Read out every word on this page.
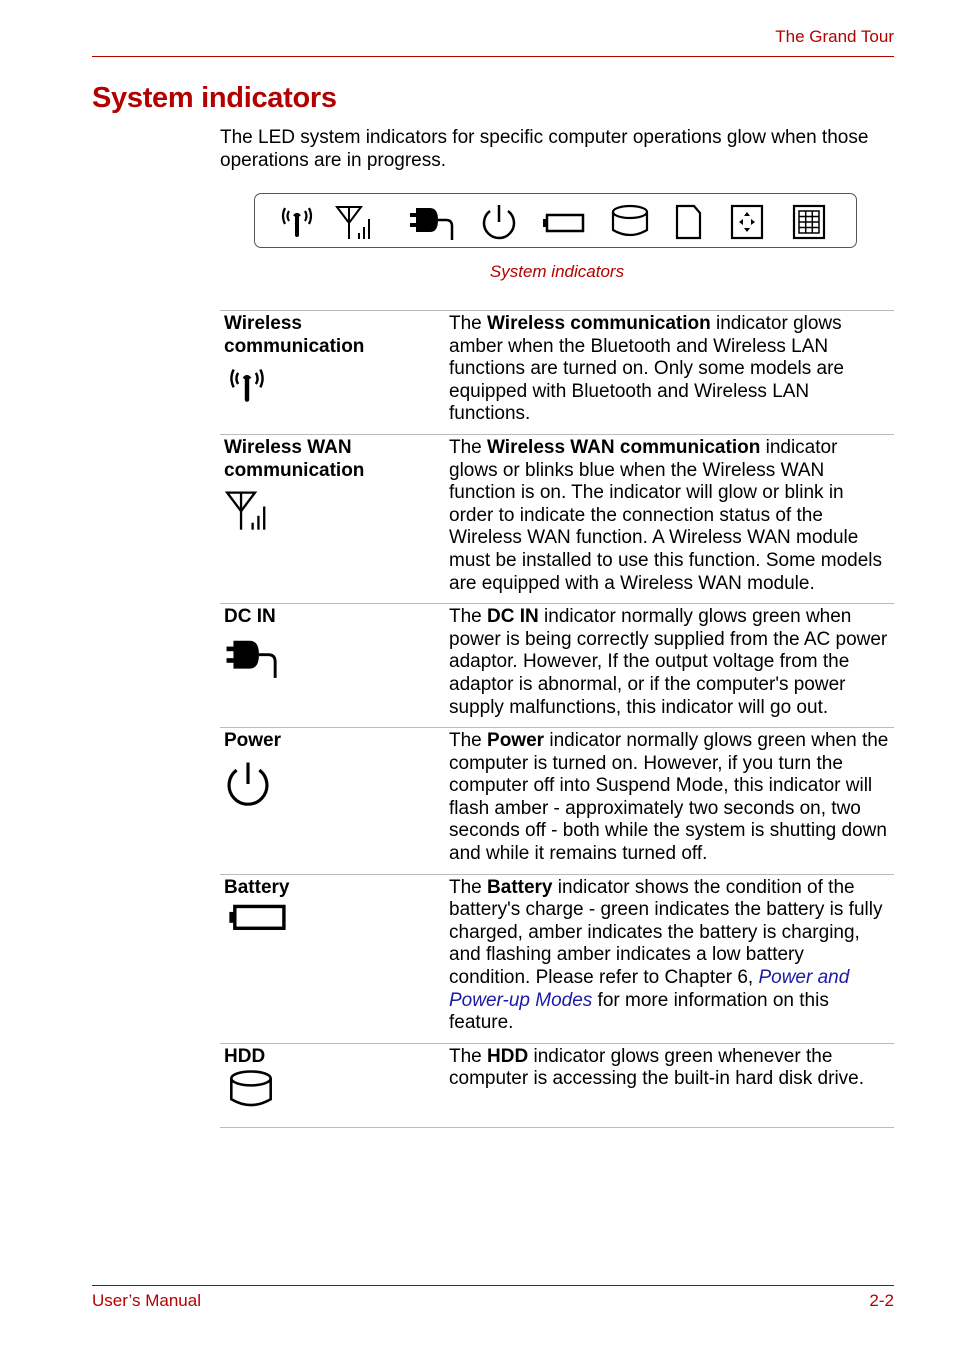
The Grand Tour
System indicators
The LED system indicators for specific computer operations glow when those operations are in progress.
System indicators
Wireless communication	The Wireless communication indicator glows amber when the Bluetooth and Wireless LAN functions are turned on. Only some models are equipped with Bluetooth and Wireless LAN functions.

Wireless WAN communication	The Wireless WAN communication indicator glows or blinks blue when the Wireless WAN function is on. The indicator will glow or blink in order to indicate the connection status of the Wireless WAN function. A Wireless WAN module must be installed to use this function. Some models are equipped with a Wireless WAN module.

DC IN	The DC IN indicator normally glows green when power is being correctly supplied from the AC power adaptor. However, If the output voltage from the adaptor is abnormal, or if the computer's power supply malfunctions, this indicator will go out.

Power	The Power indicator normally glows green when the computer is turned on. However, if you turn the computer off into Suspend Mode, this indicator will flash amber - approximately two seconds on, two seconds off - both while the system is shutting down and while it remains turned off.

Battery	The Battery indicator shows the condition of the battery's charge - green indicates the battery is fully charged, amber indicates the battery is charging, and flashing amber indicates a low battery condition. Please refer to Chapter 6, Power and Power-up Modes for more information on this feature.

HDD	The HDD indicator glows green whenever the computer is accessing the built-in hard disk drive.
User’s Manual	2-2
